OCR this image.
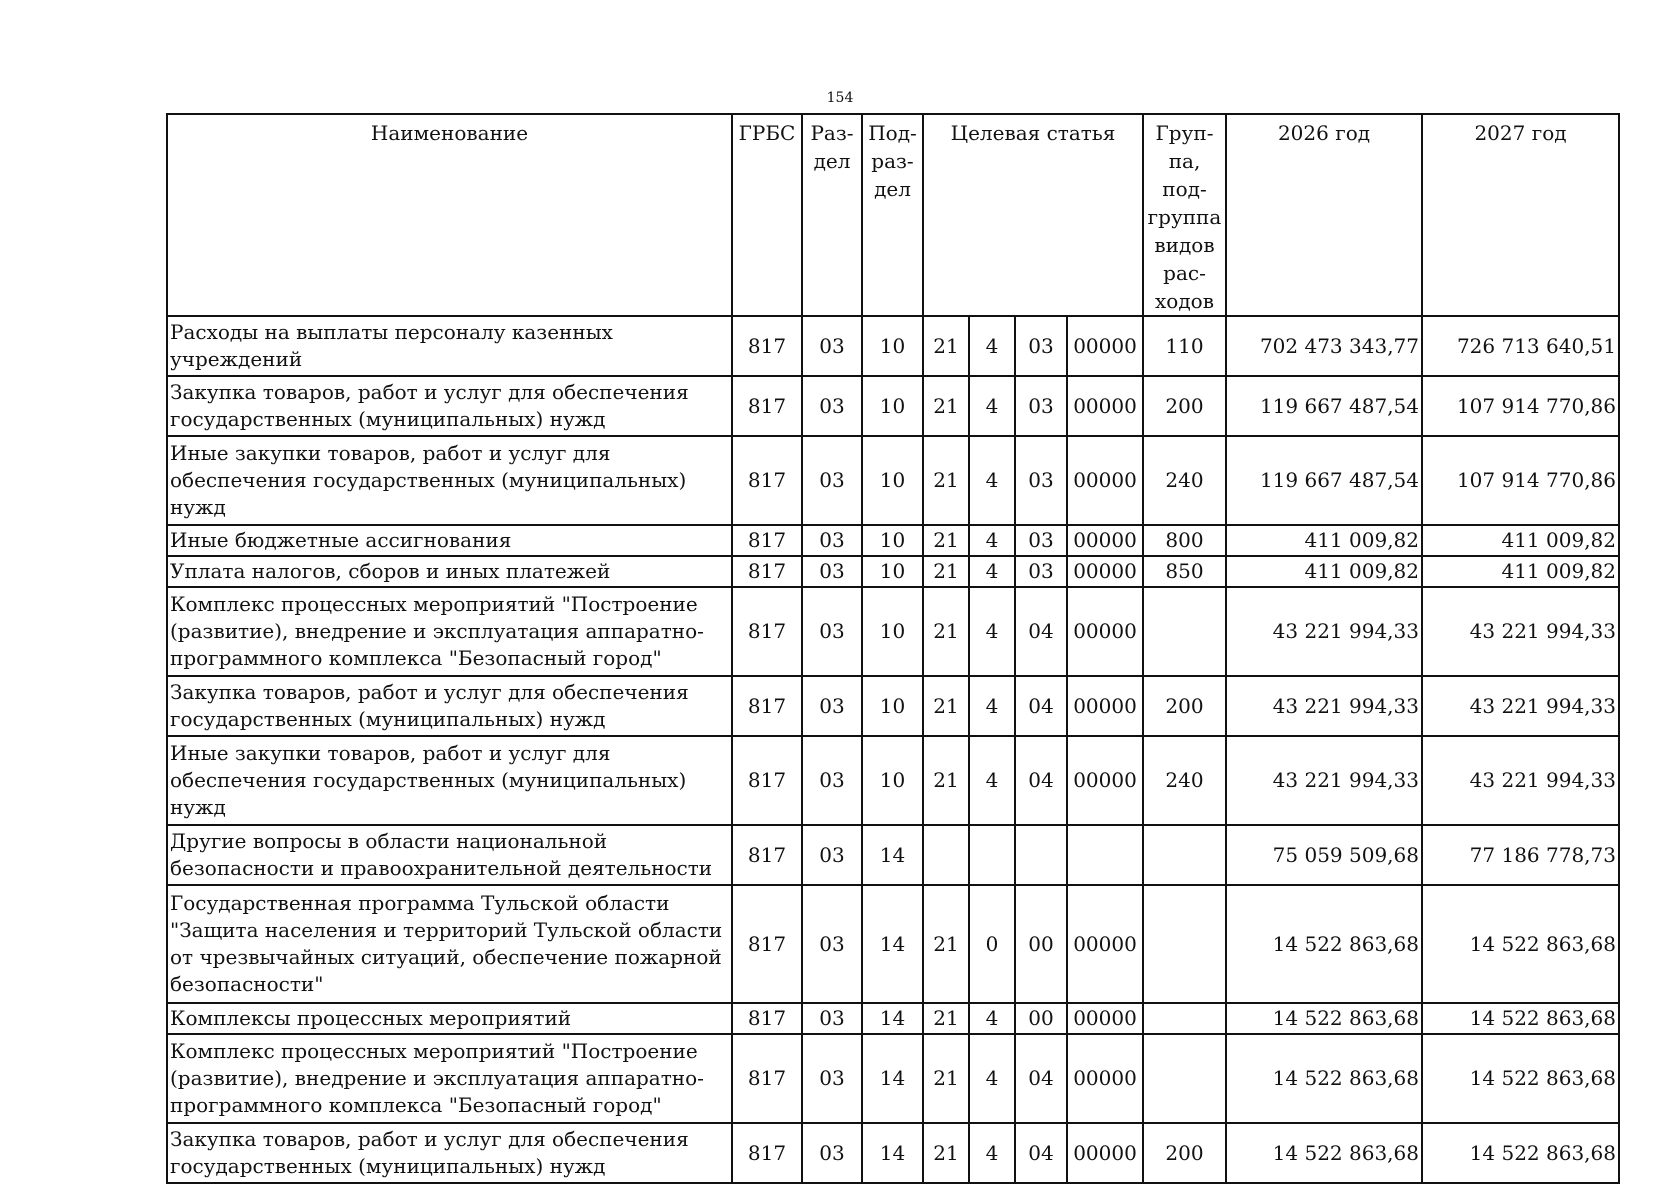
154
Наименование	ГРБС	Раз-дел	Под-раз-дел	Целевая статья				Груп-па, под-группа видов рас-ходов	2026 год	2027 год
Расходы на выплаты персоналу казенных учреждений	817	03	10	21	4	03	00000	110	702 473 343,77	726 713 640,51
Закупка товаров, работ и услуг для обеспечения государственных (муниципальных) нужд	817	03	10	21	4	03	00000	200	119 667 487,54	107 914 770,86
Иные закупки товаров, работ и услуг для обеспечения государственных (муниципальных) нужд	817	03	10	21	4	03	00000	240	119 667 487,54	107 914 770,86
Иные бюджетные ассигнования	817	03	10	21	4	03	00000	800	411 009,82	411 009,82
Уплата налогов, сборов и иных платежей	817	03	10	21	4	03	00000	850	411 009,82	411 009,82
Комплекс процессных мероприятий "Построение (развитие), внедрение и эксплуатация аппаратно-программного комплекса "Безопасный город"	817	03	10	21	4	04	00000		43 221 994,33	43 221 994,33
Закупка товаров, работ и услуг для обеспечения государственных (муниципальных) нужд	817	03	10	21	4	04	00000	200	43 221 994,33	43 221 994,33
Иные закупки товаров, работ и услуг для обеспечения государственных (муниципальных) нужд	817	03	10	21	4	04	00000	240	43 221 994,33	43 221 994,33
Другие вопросы в области национальной безопасности и правоохранительной деятельности	817	03	14						75 059 509,68	77 186 778,73
Государственная программа Тульской области "Защита населения и территорий Тульской области от чрезвычайных ситуаций, обеспечение пожарной безопасности"	817	03	14	21	0	00	00000		14 522 863,68	14 522 863,68
Комплексы процессных мероприятий	817	03	14	21	4	00	00000		14 522 863,68	14 522 863,68
Комплекс процессных мероприятий "Построение (развитие), внедрение и эксплуатация аппаратно-программного комплекса "Безопасный город"	817	03	14	21	4	04	00000		14 522 863,68	14 522 863,68
Закупка товаров, работ и услуг для обеспечения государственных (муниципальных) нужд	817	03	14	21	4	04	00000	200	14 522 863,68	14 522 863,68
